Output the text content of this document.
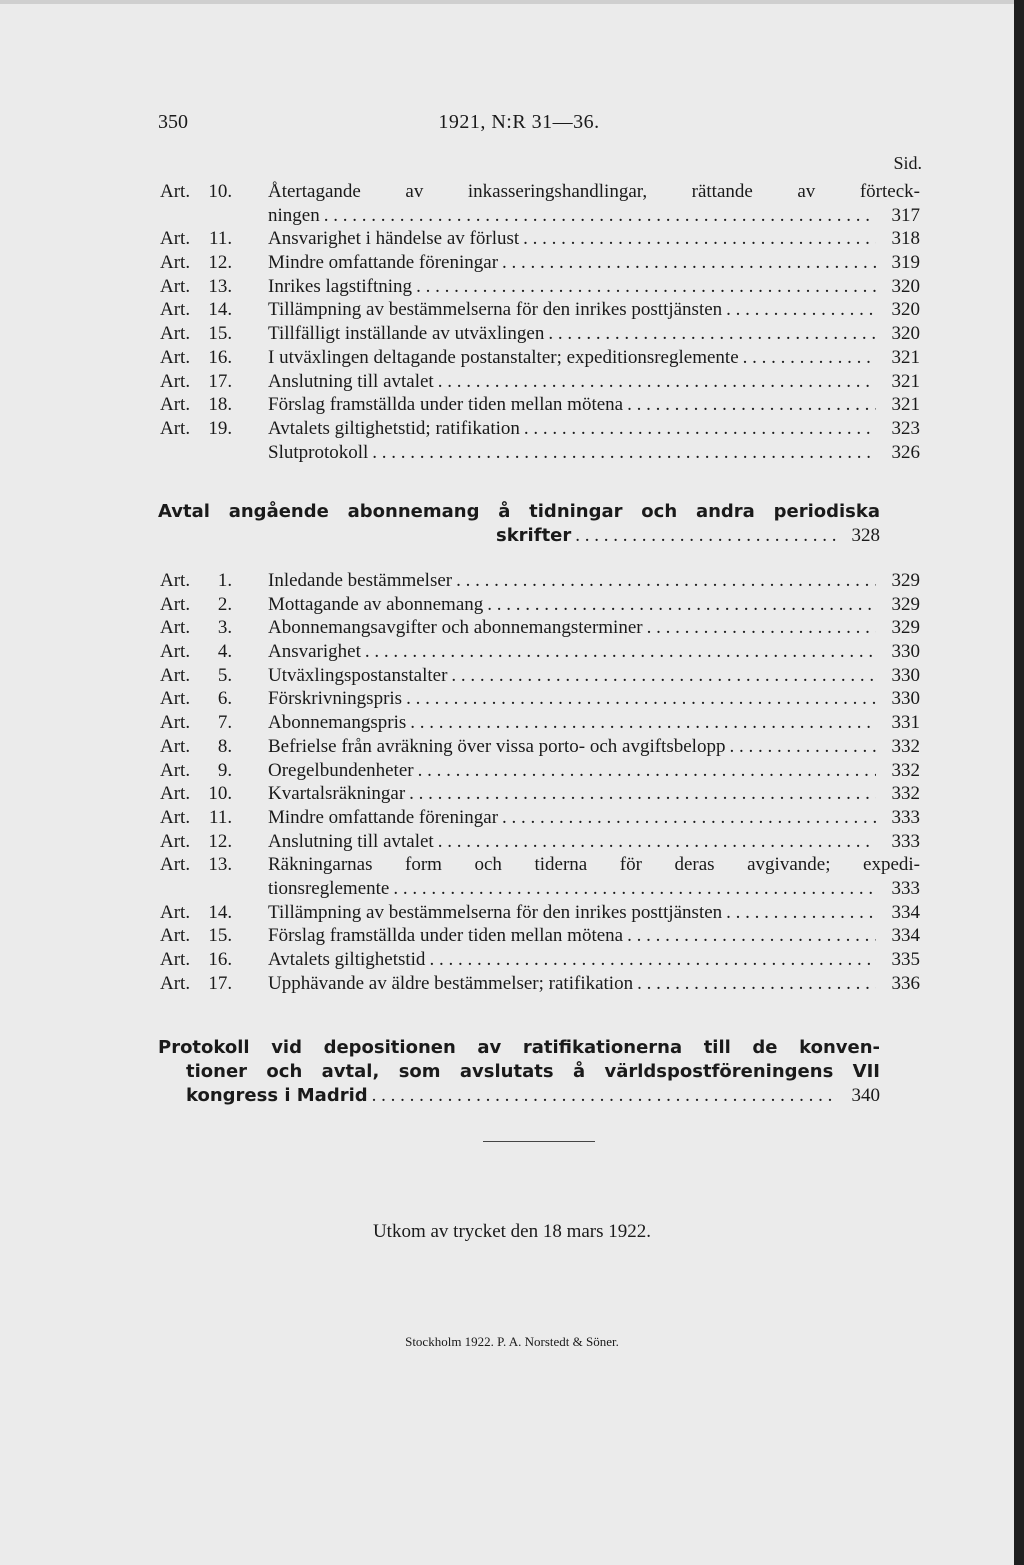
350	1921, N:R 31—36.
Sid.
Art. 10.	Återtagande av inkasseringshandlingar, rättande av förteck-
ningen . . .	317
Art. 11.	Ansvarighet i händelse av förlust . . .	318
Art. 12.	Mindre omfattande föreningar . . .	319
Art. 13.	Inrikes lagstiftning . . .	320
Art. 14.	Tillämpning av bestämmelserna för den inrikes posttjänsten . . .	320
Art. 15.	Tillfälligt inställande av utväxlingen . . .	320
Art. 16.	I utväxlingen deltagande postanstalter; expeditionsreglemente . . .	321
Art. 17.	Anslutning till avtalet . . .	321
Art. 18.	Förslag framställda under tiden mellan mötena . . .	321
Art. 19.	Avtalets giltighetstid; ratifikation . . .	323
Slutprotokoll . . .	326
Avtal angående abonnemang å tidningar och andra periodiska
skrifter . . .	328
Art. 1.	Inledande bestämmelser . . .	329
Art. 2.	Mottagande av abonnemang . . .	329
Art. 3.	Abonnemangsavgifter och abonnemangsterminer . . .	329
Art. 4.	Ansvarighet . . .	330
Art. 5.	Utväxlingspostanstalter . . .	330
Art. 6.	Förskrivningspris . . .	330
Art. 7.	Abonnemangspris . . .	331
Art. 8.	Befrielse från avräkning över vissa porto- och avgiftsbelopp . . .	332
Art. 9.	Oregelbundenheter . . .	332
Art. 10.	Kvartalsräkningar . . .	332
Art. 11.	Mindre omfattande föreningar . . .	333
Art. 12.	Anslutning till avtalet . . .	333
Art. 13.	Räkningarnas form och tiderna för deras avgivande; expedi-
tionsreglemente . . .	333
Art. 14.	Tillämpning av bestämmelserna för den inrikes posttjänsten . . .	334
Art. 15.	Förslag framställda under tiden mellan mötena . . .	334
Art. 16.	Avtalets giltighetstid . . .	335
Art. 17.	Upphävande av äldre bestämmelser; ratifikation . . .	336
Protokoll vid depositionen av ratifikationerna till de konven-
tioner och avtal, som avslutats å världspostföreningens VII
kongress i Madrid . . .	340
Utkom av trycket den 18 mars 1922.
Stockholm 1922. P. A. Norstedt & Söner.
